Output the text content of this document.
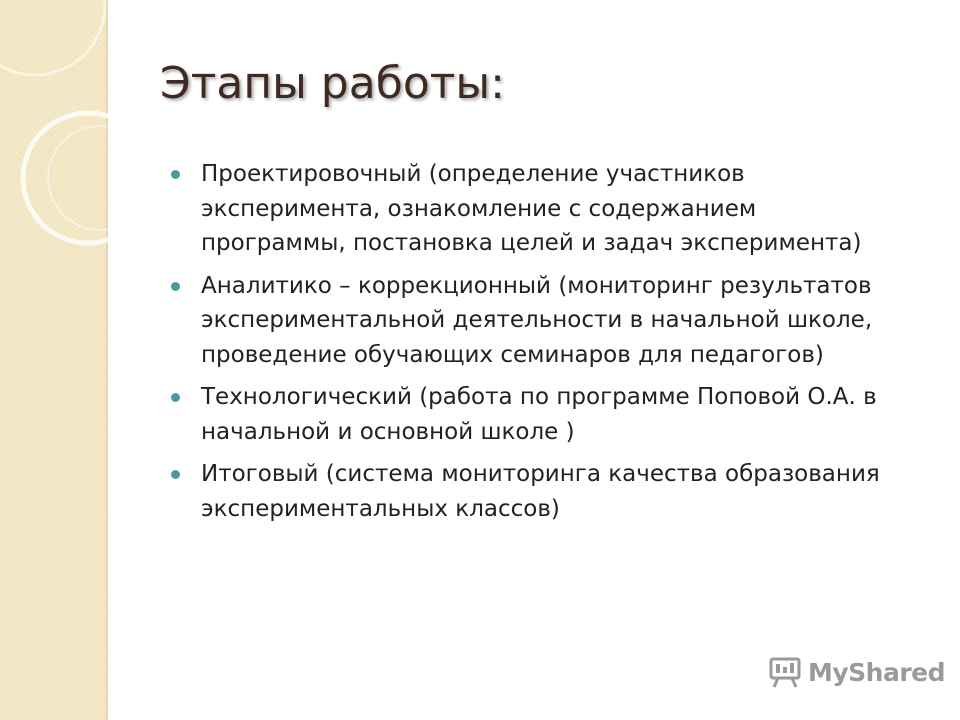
Этапы работы:
Проектировочный (определение участников эксперимента, ознакомление с содержанием программы, постановка целей и задач эксперимента)
Аналитико – коррекционный (мониторинг результатов экспериментальной деятельности в начальной школе, проведение обучающих семинаров для педагогов)
Технологический (работа по программе Поповой О.А. в начальной и основной школе )
Итоговый (система мониторинга качества образования экспериментальных классов)
MyShared
